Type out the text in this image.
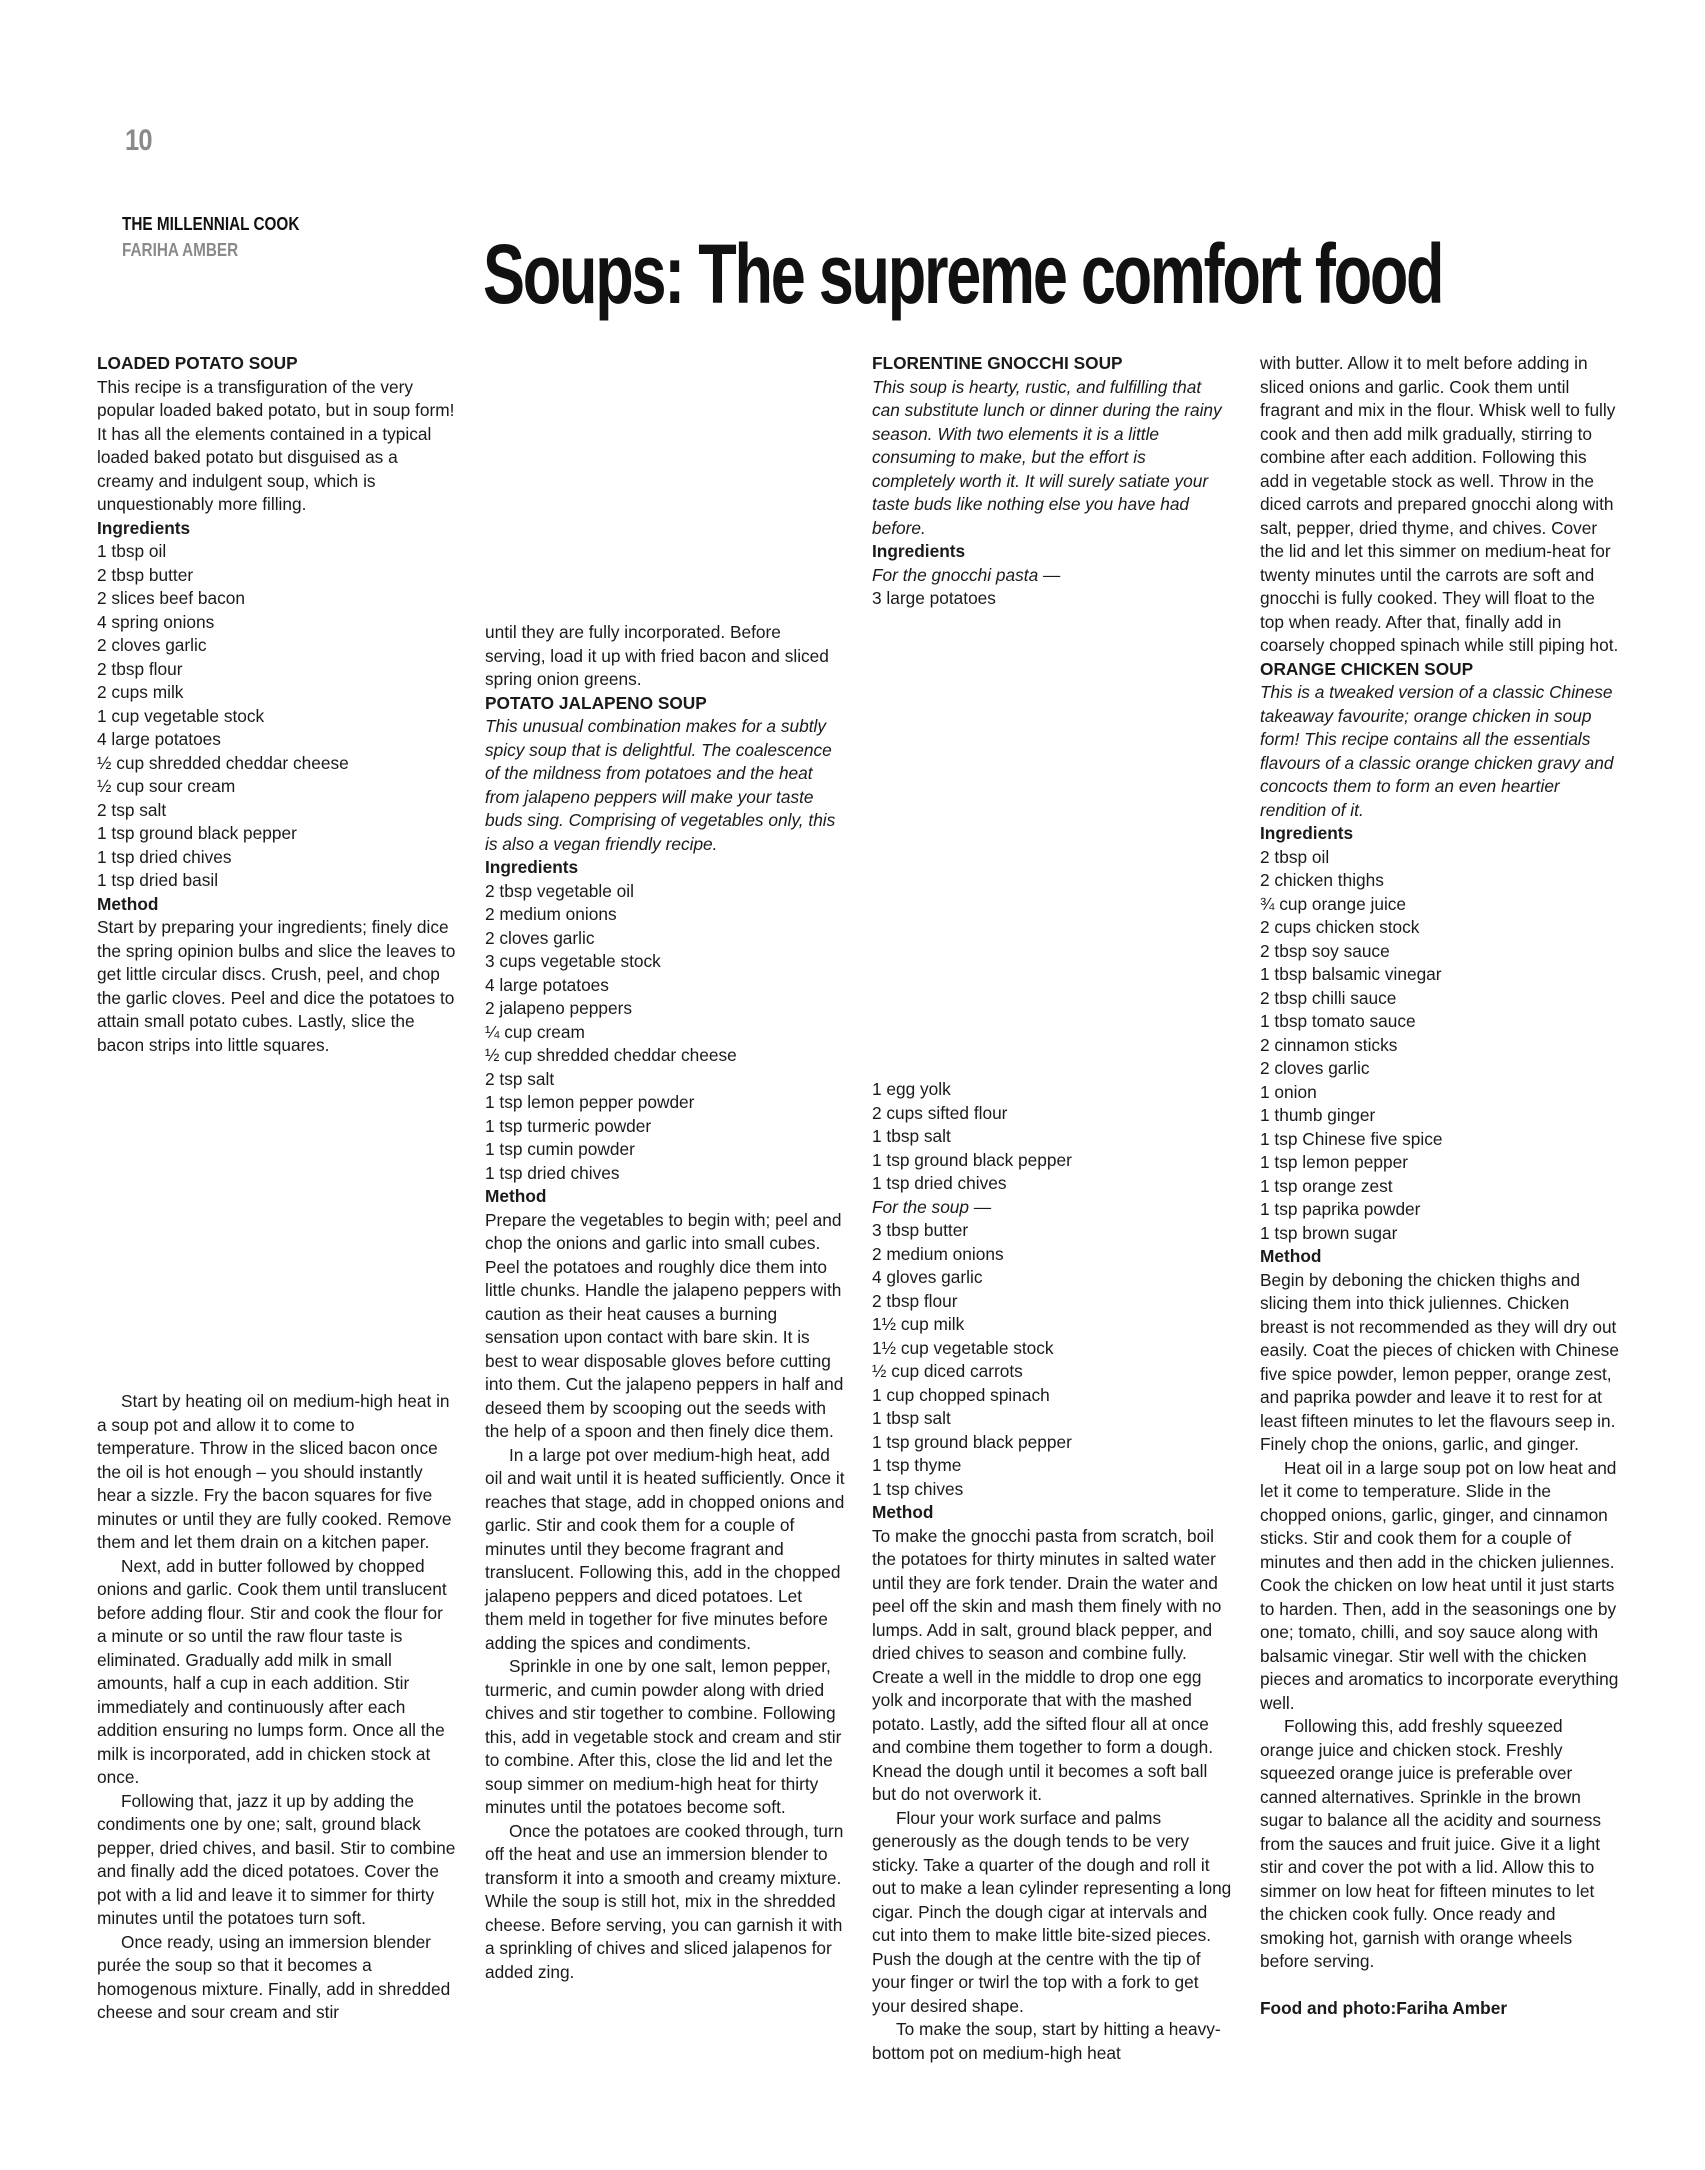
10
THE MILLENNIAL COOK
FARIHA AMBER	Soups: The supreme comfort food

LOADED POTATO SOUP

This recipe is a transfiguration of the very popular loaded baked potato, but in soup form! It has all the elements contained in a typical loaded baked potato but disguised as a creamy and indulgent soup, which is unquestionably more filling.

Ingredients

1 tbsp oil

2 tbsp butter

2 slices beef bacon

4 spring onions

2 cloves garlic

2 tbsp flour

2 cups milk

1 cup vegetable stock

4 large potatoes

½ cup shredded cheddar cheese

½ cup sour cream

2 tsp salt

1 tsp ground black pepper

1 tsp dried chives

1 tsp dried basil

Method

Start by preparing your ingredients; finely dice the spring opinion bulbs and slice the leaves to get little circular discs. Crush, peel, and chop the garlic cloves. Peel and dice the potatoes to attain small potato cubes. Lastly, slice the bacon strips into little squares.

Start by heating oil on medium-high heat in a soup pot and allow it to come to temperature. Throw in the sliced bacon once the oil is hot enough – you should instantly hear a sizzle. Fry the bacon squares for five minutes or until they are fully cooked. Remove them and let them drain on a kitchen paper.

Next, add in butter followed by chopped onions and garlic. Cook them until translucent before adding flour. Stir and cook the flour for a minute or so until the raw flour taste is eliminated. Gradually add milk in small amounts, half a cup in each addition. Stir immediately and continuously after each addition ensuring no lumps form. Once all the milk is incorporated, add in chicken stock at once.

Following that, jazz it up by adding the condiments one by one; salt, ground black pepper, dried chives, and basil. Stir to combine and finally add the diced potatoes. Cover the pot with a lid and leave it to simmer for thirty minutes until the potatoes turn soft.

Once ready, using an immersion blender purée the soup so that it becomes a homogenous mixture. Finally, add in shredded cheese and sour cream and stir

until they are fully incorporated. Before serving, load it up with fried bacon and sliced spring onion greens.

POTATO JALAPENO SOUP

This unusual combination makes for a subtly spicy soup that is delightful. The coalescence of the mildness from potatoes and the heat from jalapeno peppers will make your taste buds sing. Comprising of vegetables only, this is also a vegan friendly recipe.

Ingredients

2 tbsp vegetable oil

2 medium onions

2 cloves garlic

3 cups vegetable stock

4 large potatoes

2 jalapeno peppers

¼ cup cream

½ cup shredded cheddar cheese

2 tsp salt

1 tsp lemon pepper powder

1 tsp turmeric powder

1 tsp cumin powder

1 tsp dried chives

Method

Prepare the vegetables to begin with; peel and chop the onions and garlic into small cubes. Peel the potatoes and roughly dice them into little chunks. Handle the jalapeno peppers with caution as their heat causes a burning sensation upon contact with bare skin. It is best to wear disposable gloves before cutting into them. Cut the jalapeno peppers in half and deseed them by scooping out the seeds with the help of a spoon and then finely dice them.

In a large pot over medium-high heat, add oil and wait until it is heated sufficiently. Once it reaches that stage, add in chopped onions and garlic. Stir and cook them for a couple of minutes until they become fragrant and translucent. Following this, add in the chopped jalapeno peppers and diced potatoes. Let them meld in together for five minutes before adding the spices and condiments.

Sprinkle in one by one salt, lemon pepper, turmeric, and cumin powder along with dried chives and stir together to combine. Following this, add in vegetable stock and cream and stir to combine. After this, close the lid and let the soup simmer on medium-high heat for thirty minutes until the potatoes become soft.

Once the potatoes are cooked through, turn off the heat and use an immersion blender to transform it into a smooth and creamy mixture. While the soup is still hot, mix in the shredded cheese. Before serving, you can garnish it with a sprinkling of chives and sliced jalapenos for added zing.

FLORENTINE GNOCCHI SOUP

This soup is hearty, rustic, and fulfilling that can substitute lunch or dinner during the rainy season. With two elements it is a little consuming to make, but the effort is completely worth it. It will surely satiate your taste buds like nothing else you have had before.

Ingredients

For the gnocchi pasta —

3 large potatoes

1 egg yolk

2 cups sifted flour

1 tbsp salt

1 tsp ground black pepper

1 tsp dried chives

For the soup —

3 tbsp butter

2 medium onions

4 gloves garlic

2 tbsp flour

1½ cup milk

1½ cup vegetable stock

½ cup diced carrots

1 cup chopped spinach

1 tbsp salt

1 tsp ground black pepper

1 tsp thyme

1 tsp chives

Method

To make the gnocchi pasta from scratch, boil the potatoes for thirty minutes in salted water until they are fork tender. Drain the water and peel off the skin and mash them finely with no lumps. Add in salt, ground black pepper, and dried chives to season and combine fully. Create a well in the middle to drop one egg yolk and incorporate that with the mashed potato. Lastly, add the sifted flour all at once and combine them together to form a dough. Knead the dough until it becomes a soft ball but do not overwork it.

Flour your work surface and palms generously as the dough tends to be very sticky. Take a quarter of the dough and roll it out to make a lean cylinder representing a long cigar. Pinch the dough cigar at intervals and cut into them to make little bite-sized pieces. Push the dough at the centre with the tip of your finger or twirl the top with a fork to get your desired shape.

To make the soup, start by hitting a heavy-bottom pot on medium-high heat

with butter. Allow it to melt before adding in sliced onions and garlic. Cook them until fragrant and mix in the flour. Whisk well to fully cook and then add milk gradually, stirring to combine after each addition. Following this add in vegetable stock as well. Throw in the diced carrots and prepared gnocchi along with salt, pepper, dried thyme, and chives. Cover the lid and let this simmer on medium-heat for twenty minutes until the carrots are soft and gnocchi is fully cooked. They will float to the top when ready. After that, finally add in coarsely chopped spinach while still piping hot.

ORANGE CHICKEN SOUP

This is a tweaked version of a classic Chinese takeaway favourite; orange chicken in soup form! This recipe contains all the essentials flavours of a classic orange chicken gravy and concocts them to form an even heartier rendition of it.

Ingredients

2 tbsp oil

2 chicken thighs

¾ cup orange juice

2 cups chicken stock

2 tbsp soy sauce

1 tbsp balsamic vinegar

2 tbsp chilli sauce

1 tbsp tomato sauce

2 cinnamon sticks

2 cloves garlic

1 onion

1 thumb ginger

1 tsp Chinese five spice

1 tsp lemon pepper

1 tsp orange zest

1 tsp paprika powder

1 tsp brown sugar

Method

Begin by deboning the chicken thighs and slicing them into thick juliennes. Chicken breast is not recommended as they will dry out easily. Coat the pieces of chicken with Chinese five spice powder, lemon pepper, orange zest, and paprika powder and leave it to rest for at least fifteen minutes to let the flavours seep in. Finely chop the onions, garlic, and ginger.

Heat oil in a large soup pot on low heat and let it come to temperature. Slide in the chopped onions, garlic, ginger, and cinnamon sticks. Stir and cook them for a couple of minutes and then add in the chicken juliennes. Cook the chicken on low heat until it just starts to harden. Then, add in the seasonings one by one; tomato, chilli, and soy sauce along with balsamic vinegar. Stir well with the chicken pieces and aromatics to incorporate everything well.

Following this, add freshly squeezed orange juice and chicken stock. Freshly squeezed orange juice is preferable over canned alternatives. Sprinkle in the brown sugar to balance all the acidity and sourness from the sauces and fruit juice. Give it a light stir and cover the pot with a lid. Allow this to simmer on low heat for fifteen minutes to let the chicken cook fully. Once ready and smoking hot, garnish with orange wheels before serving.

Food and photo:Fariha Amber
